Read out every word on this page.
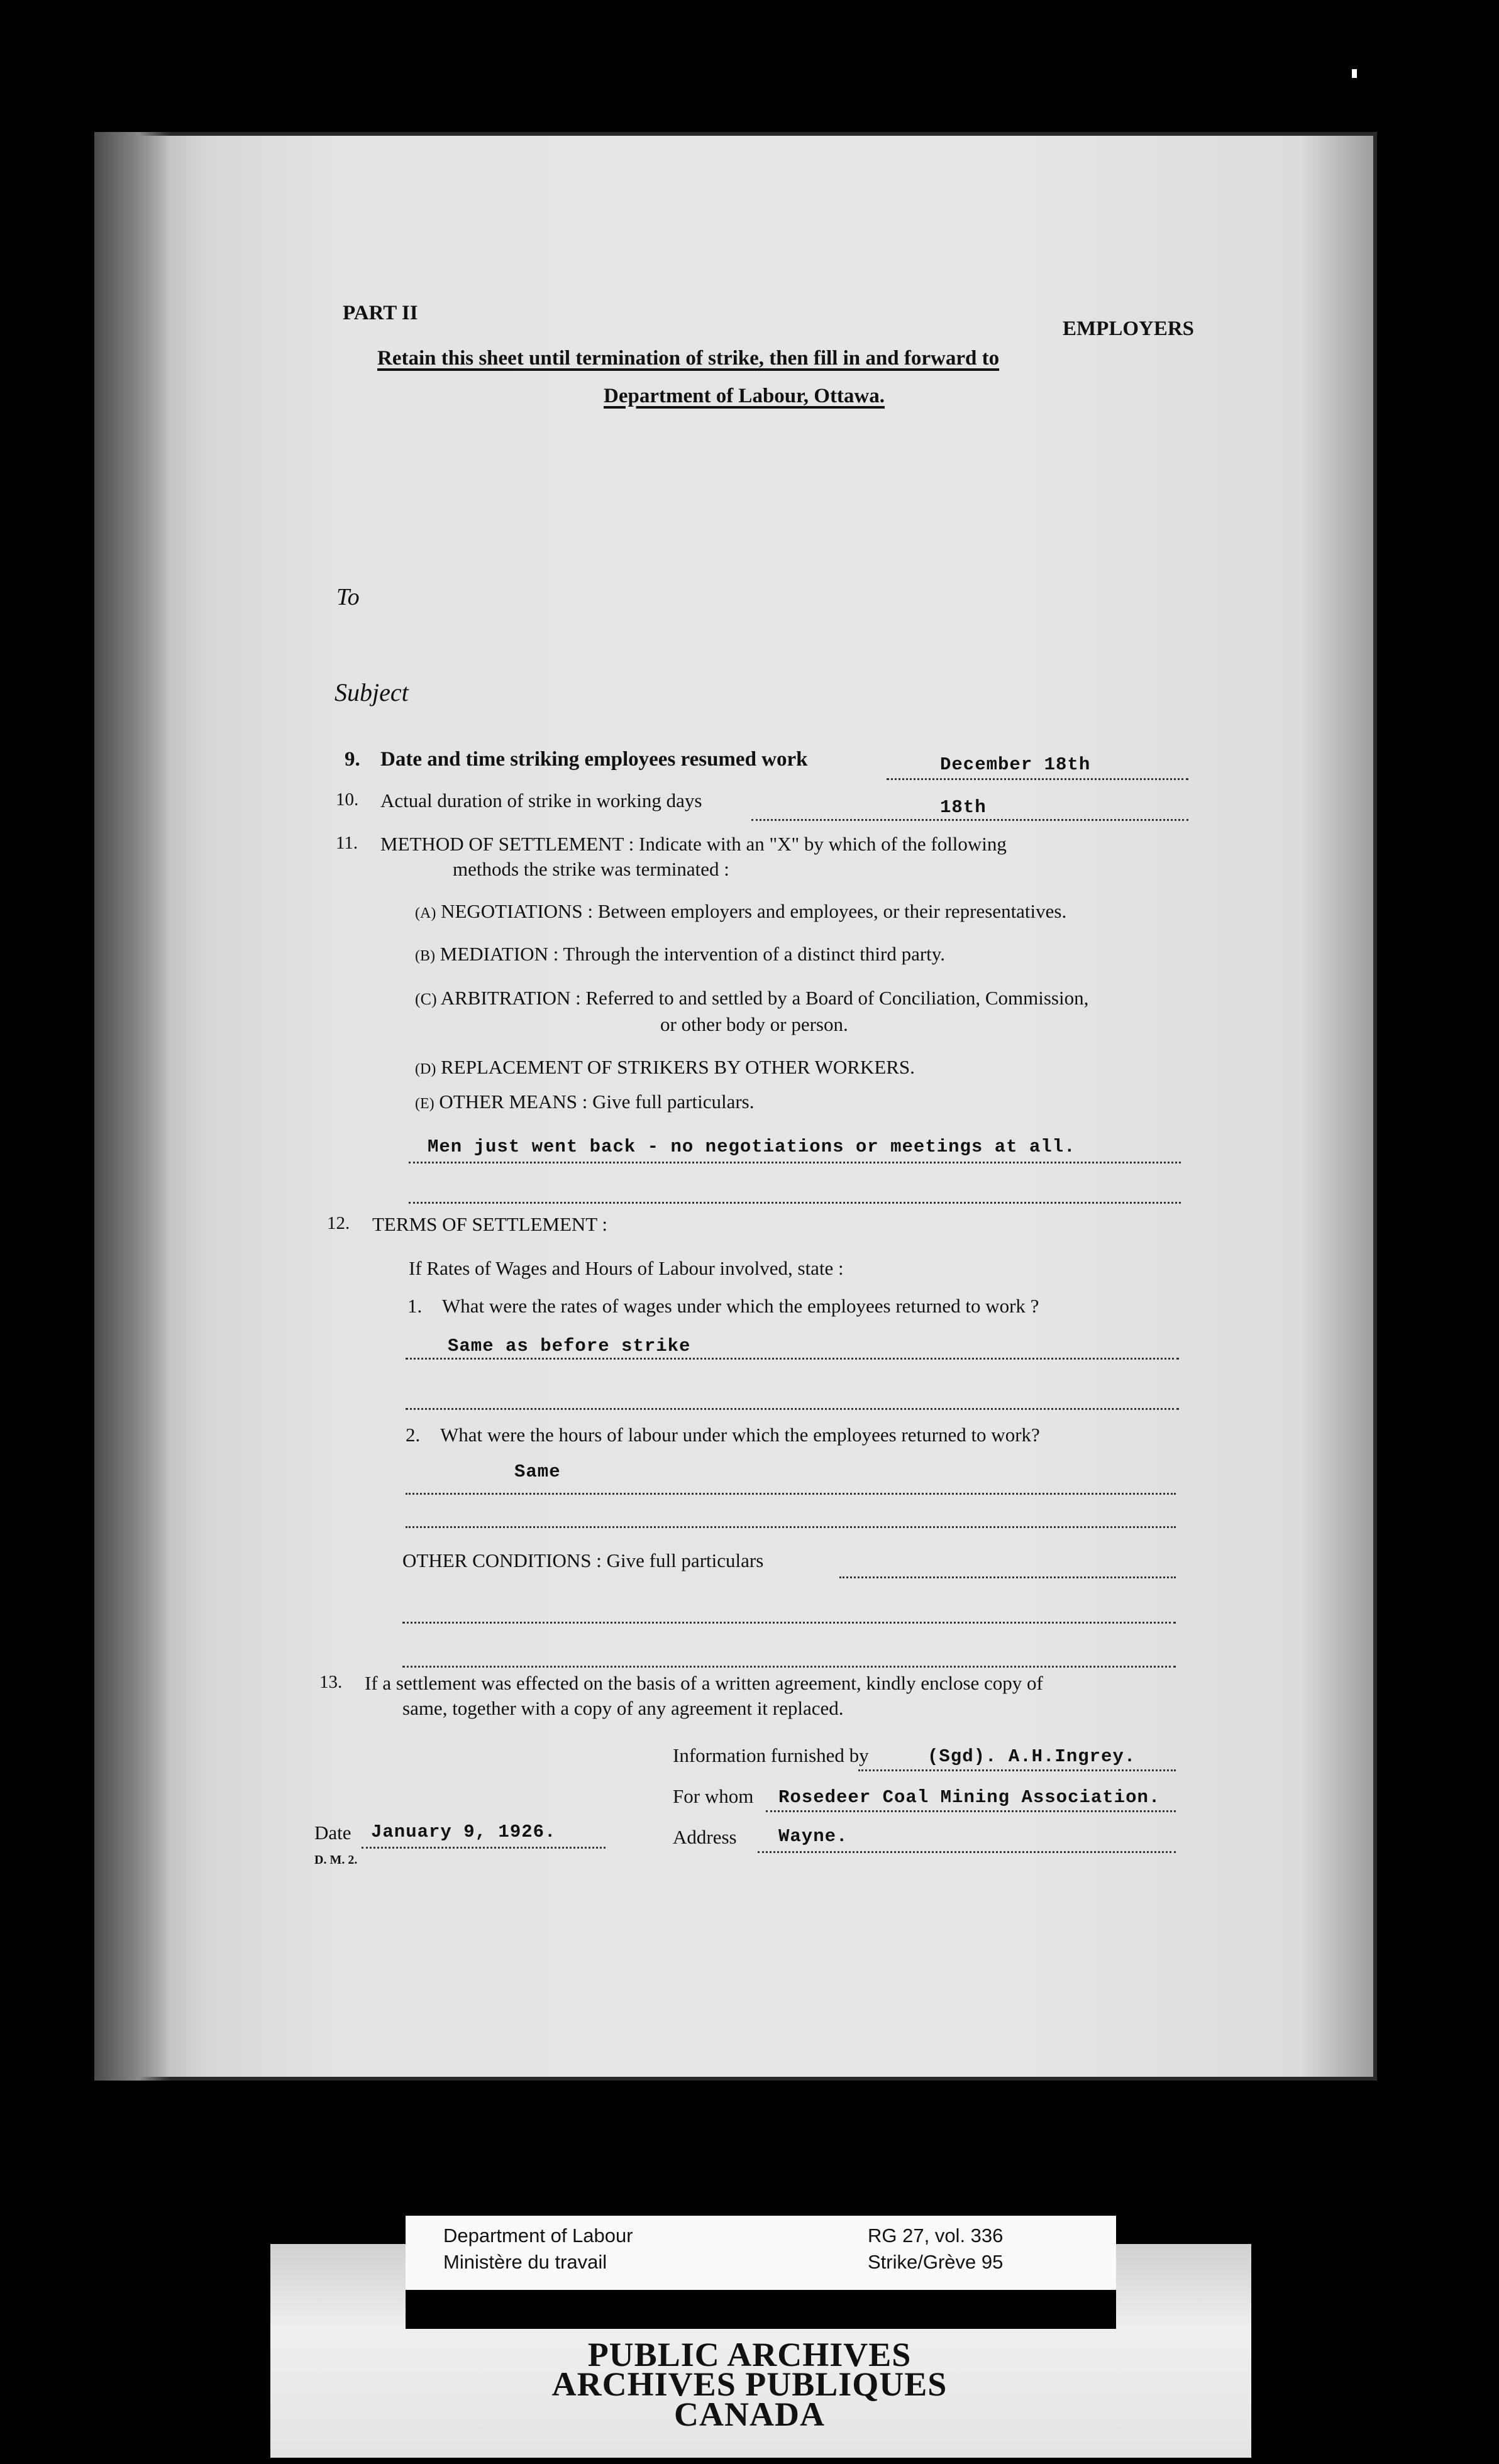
PART II
EMPLOYERS
Retain this sheet until termination of strike, then fill in and forward to
Department of Labour, Ottawa.
To
Subject
9. Date and time striking employees resumed work	December 18th
10. Actual duration of strike in working days	18th
11. METHOD OF SETTLEMENT : Indicate with an "X" by which of the following
methods the strike was terminated :
(A) NEGOTIATIONS : Between employers and employees, or their representatives.
(B) MEDIATION : Through the intervention of a distinct third party.
(C) ARBITRATION : Referred to and settled by a Board of Conciliation, Commission,
or other body or person.
(D) REPLACEMENT OF STRIKERS BY OTHER WORKERS.
(E) OTHER MEANS : Give full particulars.
Men just went back - no negotiations or meetings at all.
12. TERMS OF SETTLEMENT :
If Rates of Wages and Hours of Labour involved, state :
1. What were the rates of wages under which the employees returned to work ?
Same as before strike
2. What were the hours of labour under which the employees returned to work?
Same
OTHER CONDITIONS : Give full particulars
13. If a settlement was effected on the basis of a written agreement, kindly enclose copy of
same, together with a copy of any agreement it replaced.
Information furnished by	(Sgd). A.H.Ingrey.
For whom Rosedeer Coal Mining Association.
Date January 9, 1926.	Address Wayne.
D. M. 2.
Department of Labour
Ministère du travail
RG 27, vol. 336
Strike/Grève 95
PUBLIC ARCHIVES
ARCHIVES PUBLIQUES
CANADA
